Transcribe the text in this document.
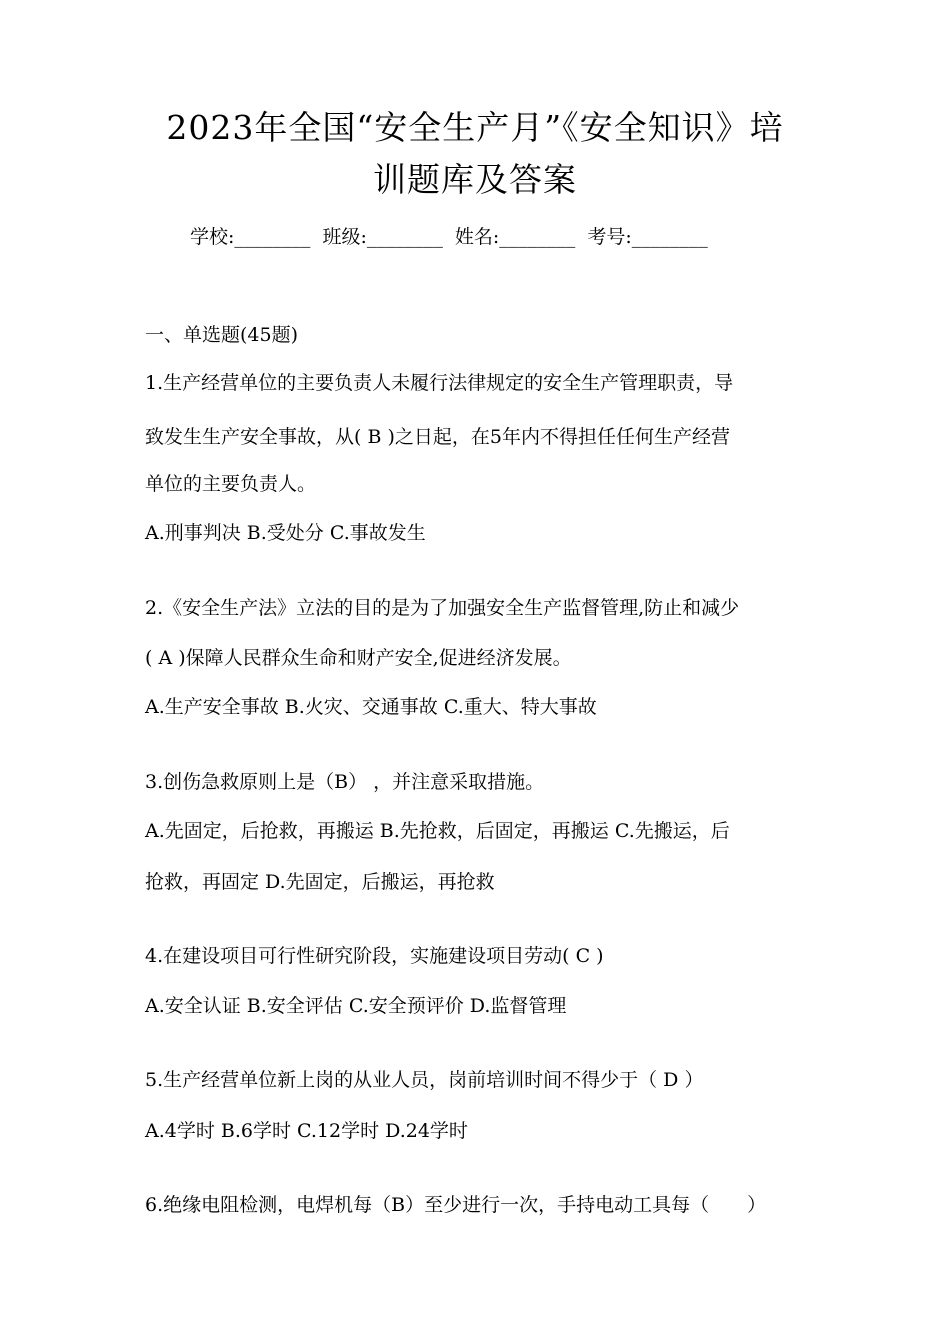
2023年全国“安全生产月”《安全知识》培
训题库及答案
学校:________ 班级:________ 姓名:________ 考号:________
一、单选题(45题)
1.生产经营单位的主要负责人未履行法律规定的安全生产管理职责，导
致发生生产安全事故，从( B )之日起，在5年内不得担任任何生产经营
单位的主要负责人。
A.刑事判决 B.受处分 C.事故发生
2.《安全生产法》立法的目的是为了加强安全生产监督管理,防止和减少
( A )保障人民群众生命和财产安全,促进经济发展。
A.生产安全事故 B.火灾、交通事故 C.重大、特大事故
3.创伤急救原则上是（B） ，并注意采取措施。
A.先固定，后抢救，再搬运 B.先抢救，后固定，再搬运 C.先搬运，后
抢救，再固定 D.先固定，后搬运，再抢救
4.在建设项目可行性研究阶段，实施建设项目劳动( C )
A.安全认证 B.安全评估 C.安全预评价 D.监督管理
5.生产经营单位新上岗的从业人员，岗前培训时间不得少于（ D ）
A.4学时 B.6学时 C.12学时 D.24学时
6.绝缘电阻检测，电焊机每（B）至少进行一次，手持电动工具每（　　）
